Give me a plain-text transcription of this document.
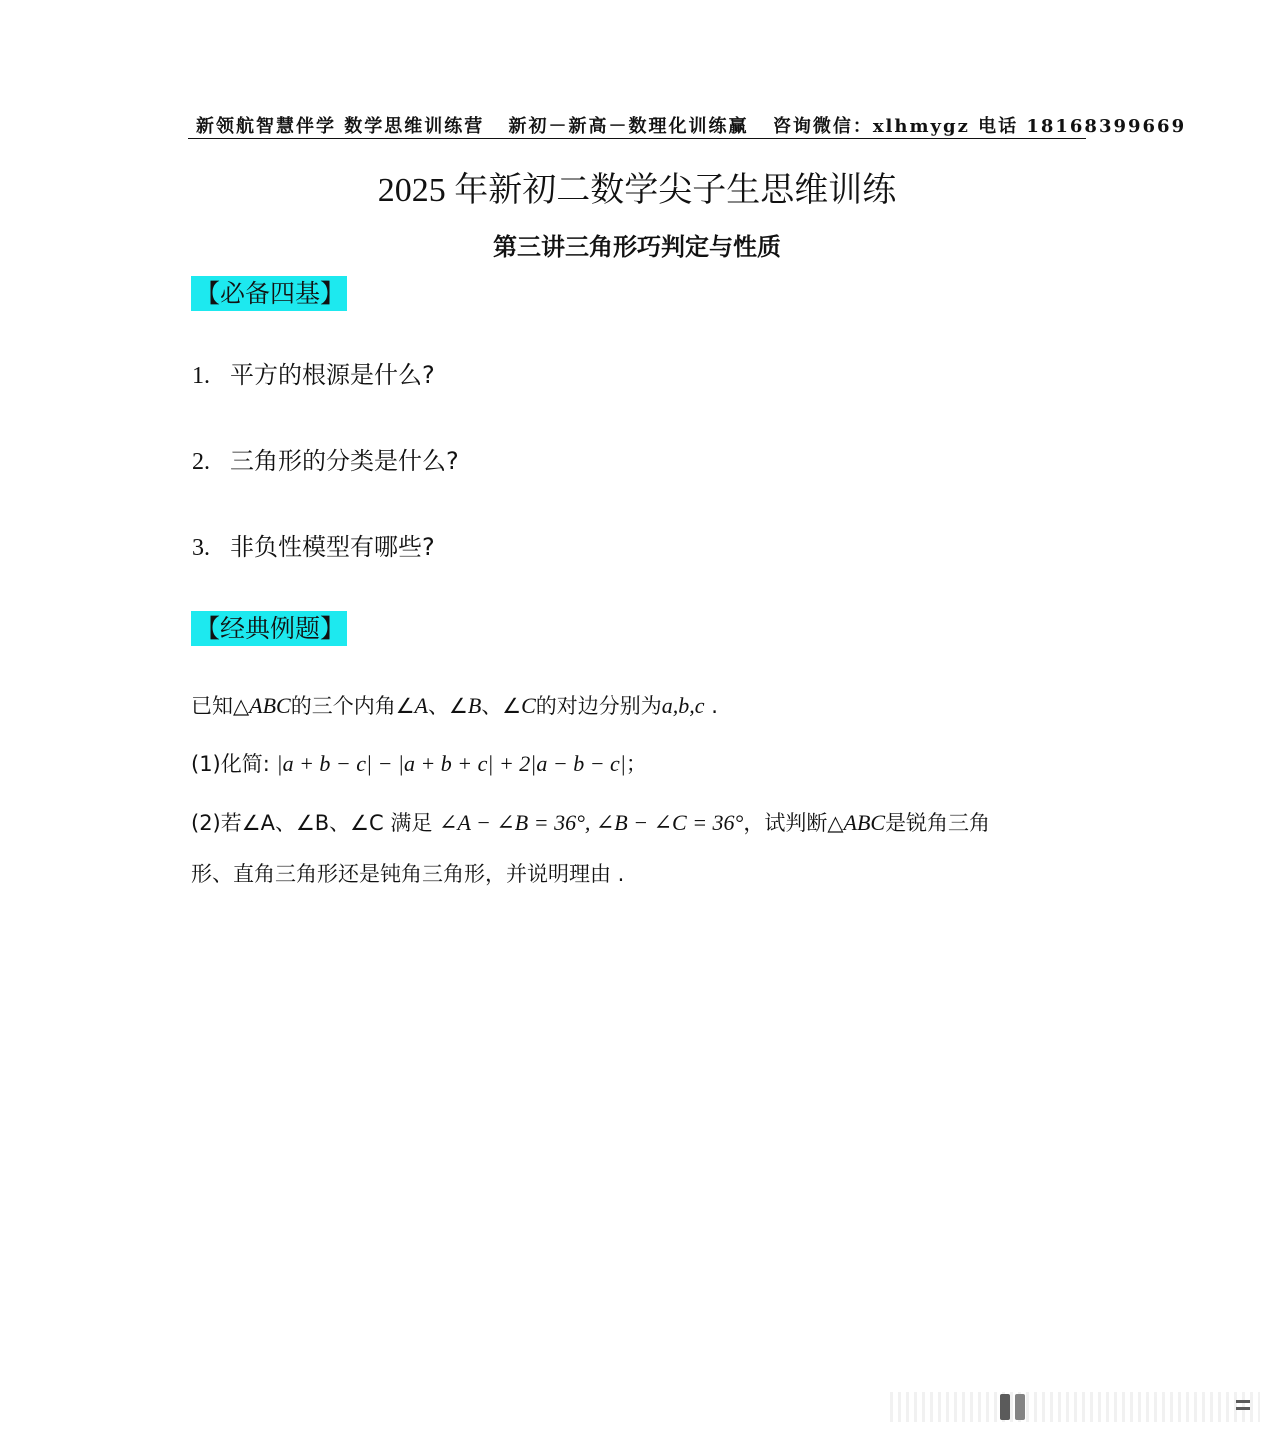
新领航智慧伴学 数学思维训练营 新初－新高－数理化训练赢 咨询微信：xlhmygz 电话 18168399669
2025 年新初二数学尖子生思维训练
第三讲三角形巧判定与性质
【必备四基】
1. 平方的根源是什么?
2. 三角形的分类是什么?
3. 非负性模型有哪些?
【经典例题】
已知△ABC的三个内角∠A、∠B、∠C的对边分别为a,b,c .
(1)化简: |a + b − c| − |a + b + c| + 2|a − b − c|；
(2)若∠A、∠B、∠C 满足 ∠A − ∠B = 36°, ∠B − ∠C = 36°，试判断△ABC是锐角三角
形、直角三角形还是钝角三角形，并说明理由 .
